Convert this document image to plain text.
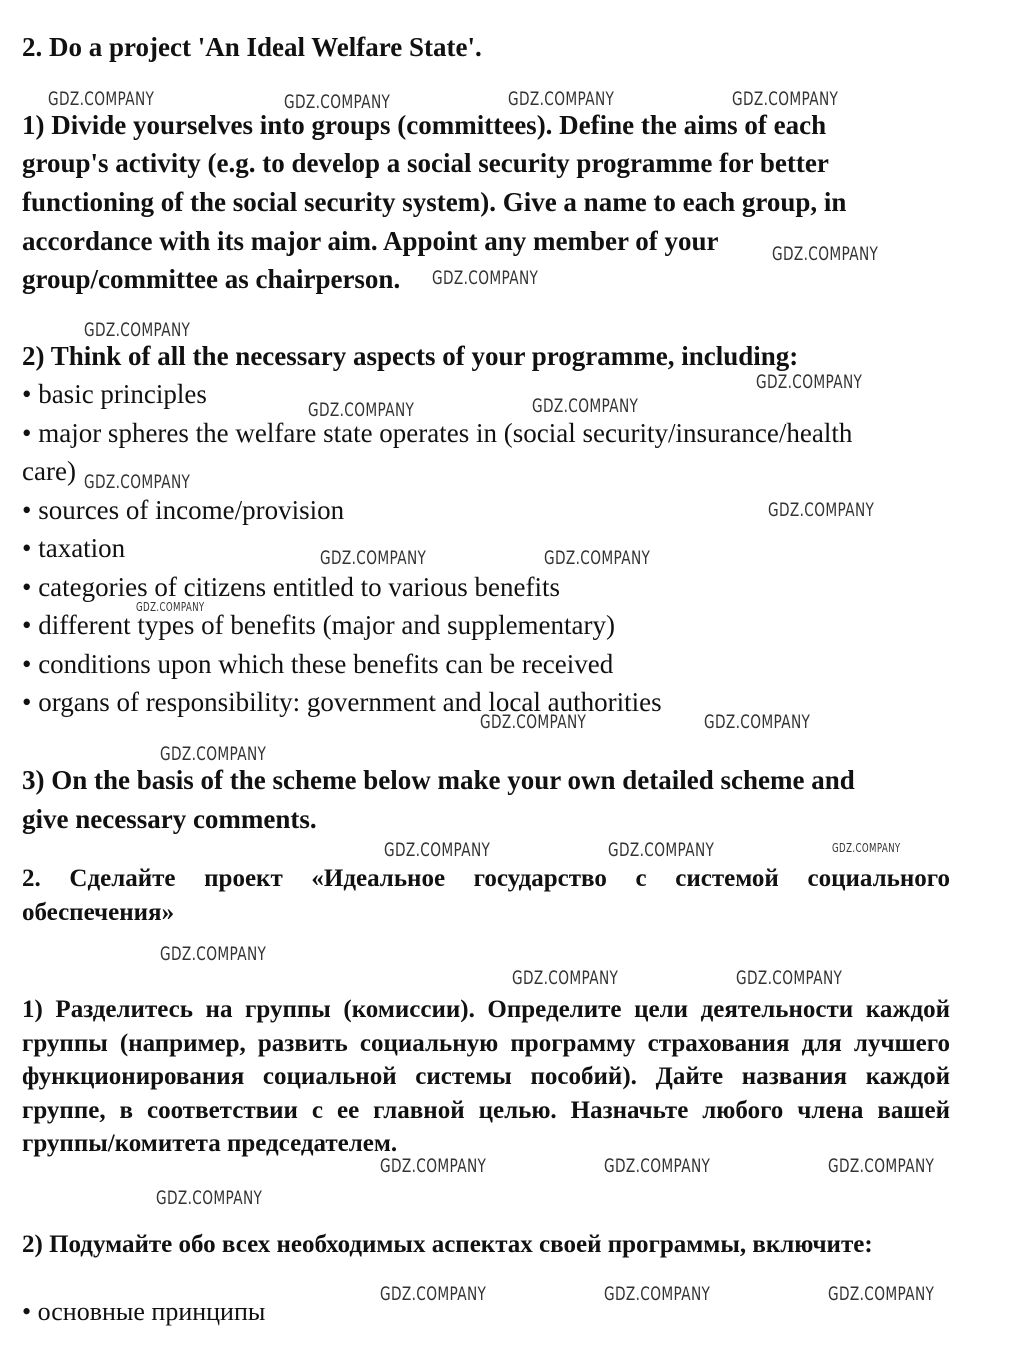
2. Do a project 'An Ideal Welfare State'.
1) Divide yourselves into groups (committees). Define the aims of each
group's activity (e.g. to develop a social security programme for better
functioning of the social security system). Give a name to each group, in
accordance with its major aim. Appoint any member of your
group/committee as chairperson.
2) Think of all the necessary aspects of your programme, including:
• basic principles
• major spheres the welfare state operates in (social security/insurance/health
care)
• sources of income/provision
• taxation
• categories of citizens entitled to various benefits
• different types of benefits (major and supplementary)
• conditions upon which these benefits can be received
• organs of responsibility: government and local authorities
3) On the basis of the scheme below make your own detailed scheme and
give necessary comments.
2. Сделайте проект «Идеальное государство с системой социального обеспечения»
1) Разделитесь на группы (комиссии). Определите цели деятельности каждой группы (например, развить социальную программу страхования для лучшего функционирования социальной системы пособий). Дайте названия каждой группе, в соответствии с ее главной целью. Назначьте любого члена вашей группы/комитета председателем.
2) Подумайте обо всех необходимых аспектах своей программы, включите:
• основные принципы
GDZ.COMPANY	GDZ.COMPANY	GDZ.COMPANY	GDZ.COMPANY
GDZ.COMPANY
GDZ.COMPANY
GDZ.COMPANY
GDZ.COMPANY
GDZ.COMPANY	GDZ.COMPANY
GDZ.COMPANY
GDZ.COMPANY
GDZ.COMPANY	GDZ.COMPANY
GDZ.COMPANY
GDZ.COMPANY	GDZ.COMPANY
GDZ.COMPANY
GDZ.COMPANY	GDZ.COMPANY	GDZ.COMPANY
GDZ.COMPANY
GDZ.COMPANY	GDZ.COMPANY
GDZ.COMPANY	GDZ.COMPANY	GDZ.COMPANY
GDZ.COMPANY
GDZ.COMPANY	GDZ.COMPANY	GDZ.COMPANY
